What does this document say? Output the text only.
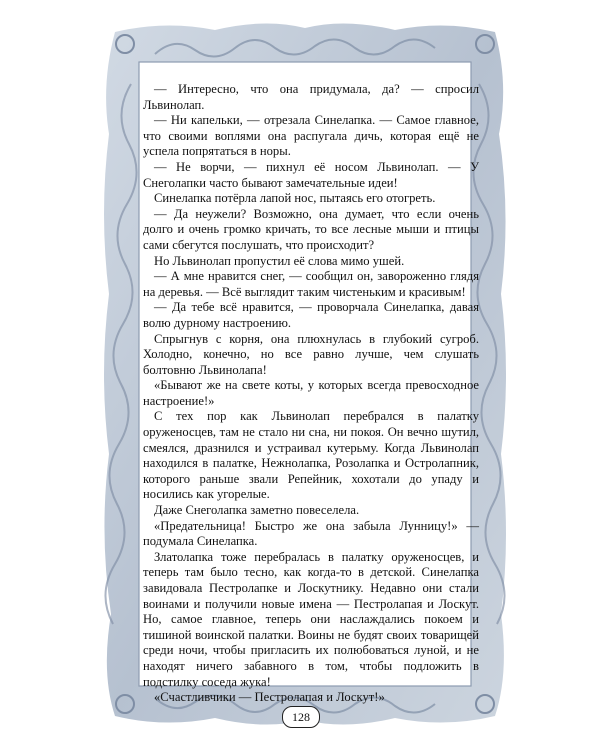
— Интересно, что она придумала, да? — спросил Львинолап.

— Ни капельки, — отрезала Синелапка. — Самое главное, что своими воплями она распугала дичь, которая ещё не успела попрятаться в норы.

— Не ворчи, — пихнул её носом Львинолап. — У Снеголапки часто бывают замечательные идеи!

Синелапка потёрла лапой нос, пытаясь его отогреть.

— Да неужели? Возможно, она думает, что если очень долго и очень громко кричать, то все лесные мыши и птицы сами сбегутся послушать, что происходит?

Но Львинолап пропустил её слова мимо ушей.

— А мне нравится снег, — сообщил он, завороженно глядя на деревья. — Всё выглядит таким чистеньким и красивым!

— Да тебе всё нравится, — проворчала Синелапка, давая волю дурному настроению.

Спрыгнув с корня, она плюхнулась в глубокий сугроб. Холодно, конечно, но все равно лучше, чем слушать болтовню Львинолапа!

«Бывают же на свете коты, у которых всегда превосходное настроение!»

С тех пор как Львинолап перебрался в палатку оруженосцев, там не стало ни сна, ни покоя. Он вечно шутил, смеялся, дразнился и устраивал кутерьму. Когда Львинолап находился в палатке, Нежнолапка, Розолапка и Остролапник, которого раньше звали Репейник, хохотали до упаду и носились как угорелые.

Даже Снеголапка заметно повеселела.

«Предательница! Быстро же она забыла Лунницу!» — подумала Синелапка.

Златолапка тоже перебралась в палатку оруженосцев, и теперь там было тесно, как когда-то в детской. Синелапка завидовала Пестролапке и Лоскутнику. Недавно они стали воинами и получили новые имена — Пестролапая и Лоскут. Но, самое главное, теперь они наслаждались покоем и тишиной воинской палатки. Воины не будят своих товарищей среди ночи, чтобы пригласить их полюбоваться луной, и не находят ничего забавного в том, чтобы подложить в подстилку соседа жука!

«Счастливчики — Пестролапая и Лоскут!»

128
